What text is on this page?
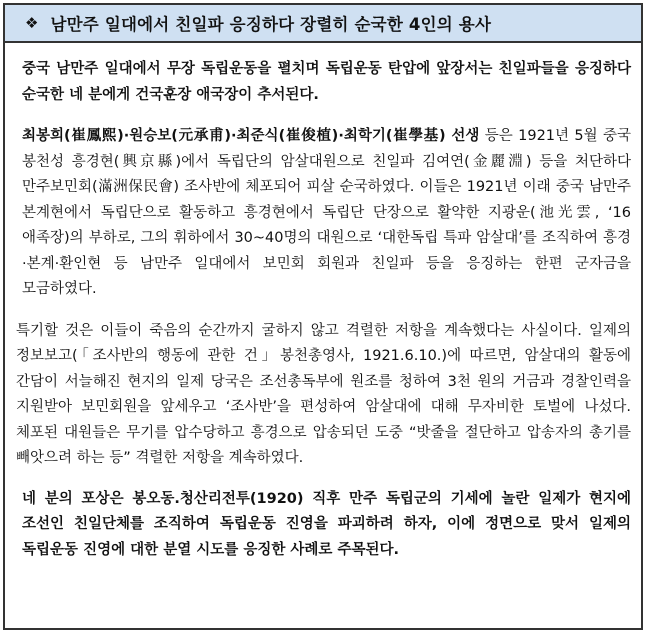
❖ 남만주 일대에서 친일파 응징하다 장렬히 순국한 4인의 용사

중국 남만주 일대에서 무장 독립운동을 펼치며 독립운동 탄압에 앞장서는 친일파들을 응징하다 순국한 네 분에게 건국훈장 애국장이 추서된다.

최봉희(崔鳳熙)·원승보(元承甫)·최준식(崔俊植)·최학기(崔學基) 선생 등은 1921년 5월 중국 봉천성 흥경현(興京縣)에서 독립단의 암살대원으로 친일파 김여연(金麗淵) 등을 처단하다 만주보민회(滿洲保民會) 조사반에 체포되어 피살 순국하였다. 이들은 1921년 이래 중국 남만주 본계현에서 독립단으로 활동하고 흥경현에서 독립단 단장으로 활약한 지광운(池光雲, ‘16 애족장)의 부하로, 그의 휘하에서 30~40명의 대원으로 ‘대한독립 특파 암살대’를 조직하여 흥경·본계·환인현 등 남만주 일대에서 보민회 회원과 친일파 등을 응징하는 한편 군자금을 모금하였다.

특기할 것은 이들이 죽음의 순간까지 굴하지 않고 격렬한 저항을 계속했다는 사실이다. 일제의 정보보고(「조사반의 행동에 관한 건」봉천총영사, 1921.6.10.)에 따르면, 암살대의 활동에 간담이 서늘해진 현지의 일제 당국은 조선총독부에 원조를 청하여 3천 원의 거금과 경찰인력을 지원받아 보민회원을 앞세우고 ‘조사반’을 편성하여 암살대에 대해 무자비한 토벌에 나섰다. 체포된 대원들은 무기를 압수당하고 흥경으로 압송되던 도중 “밧줄을 절단하고 압송자의 총기를 빼앗으려 하는 등” 격렬한 저항을 계속하였다.

네 분의 포상은 봉오동.청산리전투(1920) 직후 만주 독립군의 기세에 놀란 일제가 현지에 조선인 친일단체를 조직하여 독립운동 진영을 파괴하려 하자, 이에 정면으로 맞서 일제의 독립운동 진영에 대한 분열 시도를 응징한 사례로 주목된다.
